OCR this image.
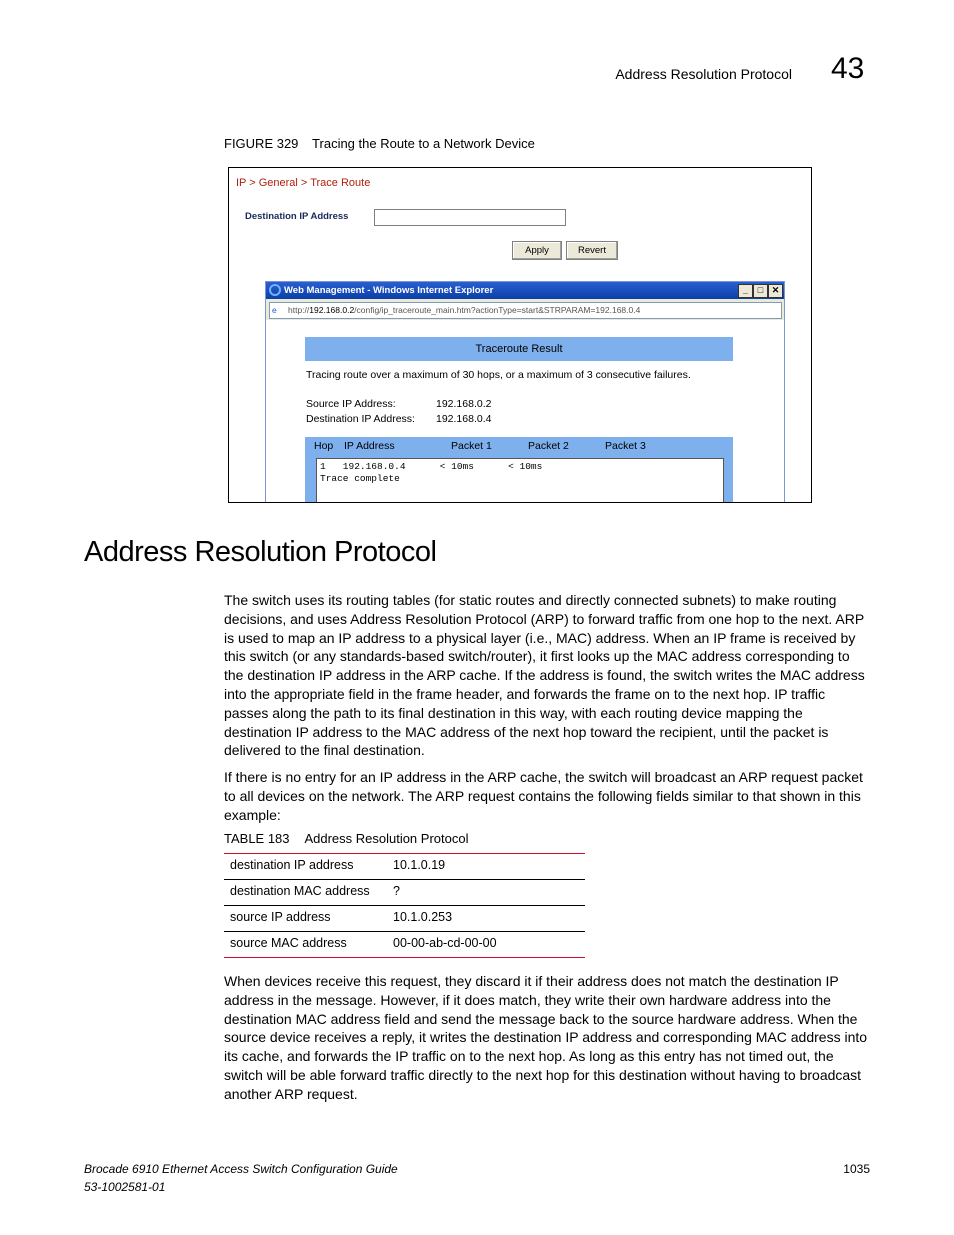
Address Resolution Protocol 43
FIGURE 329 Tracing the Route to a Network Device
IP > General > Trace Route
Destination IP Address
Apply	Revert
Web Management - Windows Internet Explorer	_	□ ✕
e http://192.168.0.2/config/ip_traceroute_main.htm?actionType=start&STRPARAM=192.168.0.4
Traceroute Result
Tracing route over a maximum of 30 hops, or a maximum of 3 consecutive failures.
Source IP Address:	192.168.0.2
Destination IP Address: 192.168.0.4
Hop IP Address	Packet 1	Packet 2	Packet 3
1   192.168.0.4      < 10ms      < 10ms
Trace complete
Address Resolution Protocol
The switch uses its routing tables (for static routes and directly connected subnets) to make routing decisions, and uses Address Resolution Protocol (ARP) to forward traffic from one hop to the next. ARP is used to map an IP address to a physical layer (i.e., MAC) address. When an IP frame is received by this switch (or any standards-based switch/router), it first looks up the MAC address corresponding to the destination IP address in the ARP cache. If the address is found, the switch writes the MAC address into the appropriate field in the frame header, and forwards the frame on to the next hop. IP traffic passes along the path to its final destination in this way, with each routing device mapping the destination IP address to the MAC address of the next hop toward the recipient, until the packet is delivered to the final destination.
If there is no entry for an IP address in the ARP cache, the switch will broadcast an ARP request packet to all devices on the network. The ARP request contains the following fields similar to that shown in this example:
TABLE 183 Address Resolution Protocol
destination IP address	10.1.0.19
destination MAC address ?
source IP address	10.1.0.253
source MAC address	00-00-ab-cd-00-00
When devices receive this request, they discard it if their address does not match the destination IP address in the message. However, if it does match, they write their own hardware address into the destination MAC address field and send the message back to the source hardware address. When the source device receives a reply, it writes the destination IP address and corresponding MAC address into its cache, and forwards the IP traffic on to the next hop. As long as this entry has not timed out, the switch will be able forward traffic directly to the next hop for this destination without having to broadcast another ARP request.
Brocade 6910 Ethernet Access Switch Configuration Guide
53-1002581-01
1035
